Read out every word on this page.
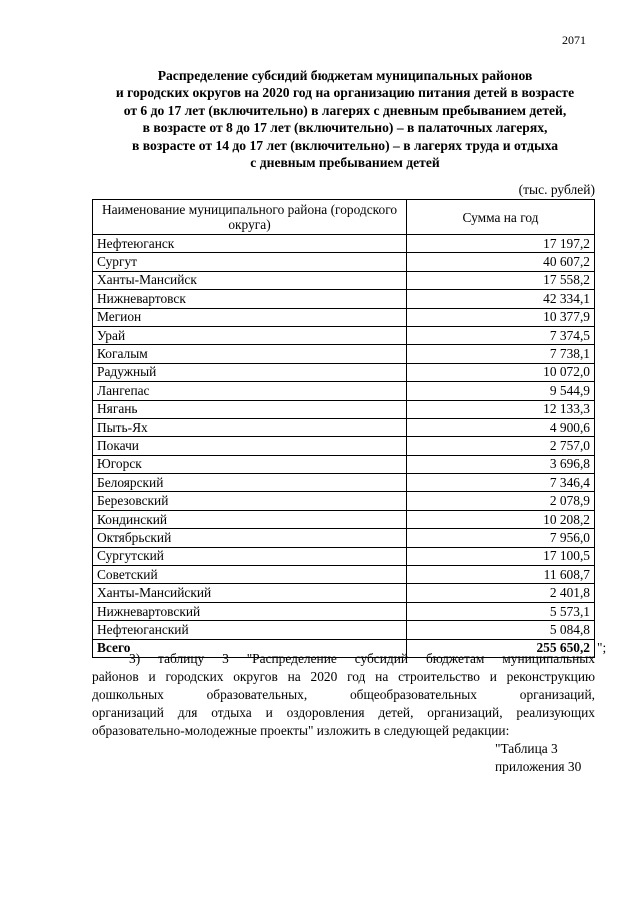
2071
Распределение субсидий бюджетам муниципальных районов
и городских округов на 2020 год на организацию питания детей в возрасте
от 6 до 17 лет (включительно) в лагерях с дневным пребыванием детей,
в возрасте от 8 до 17 лет (включительно) – в палаточных лагерях,
в возрасте от 14 до 17 лет (включительно) – в лагерях труда и отдыха
с дневным пребыванием детей
(тыс. рублей)
Наименование муниципального района (городского округа)	Сумма на год
Нефтеюганск	17 197,2
Сургут	40 607,2
Ханты-Мансийск	17 558,2
Нижневартовск	42 334,1
Мегион	10 377,9
Урай	7 374,5
Когалым	7 738,1
Радужный	10 072,0
Лангепас	9 544,9
Нягань	12 133,3
Пыть-Ях	4 900,6
Покачи	2 757,0
Югорск	3 696,8
Белоярский	7 346,4
Березовский	2 078,9
Кондинский	10 208,2
Октябрьский	7 956,0
Сургутский	17 100,5
Советский	11 608,7
Ханты-Мансийский	2 401,8
Нижневартовский	5 573,1
Нефтеюганский	5 084,8
Всего	255 650,2 ";
3) таблицу 3 "Распределение субсидий бюджетам муниципальных
районов и городских округов на 2020 год на строительство и реконструкцию
дошкольных образовательных, общеобразовательных организаций,
организаций для отдыха и оздоровления детей, организаций, реализующих
образовательно-молодежные проекты" изложить в следующей редакции:
"Таблица 3
приложения 30
